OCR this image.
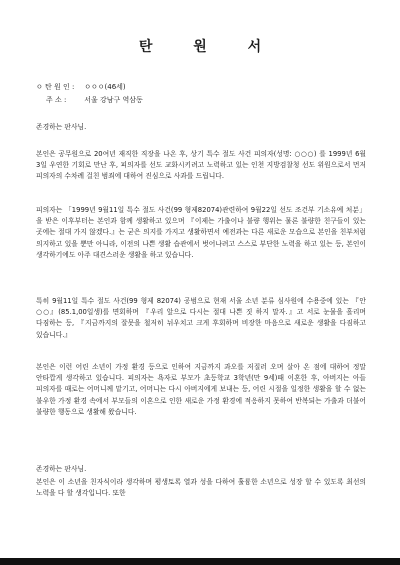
탄 원 서
ㅇ 탄 원 인 : ㅇㅇㅇ(46세)
주 소 :	서울 강남구 역삼동
존경하는 판사님.
본인은 공무원으로 20여년 재직한 직장을 나온 후, 상기 특수 절도 사건 피의자(성명: ○○○) 를 1999년 6월 3일 우연한 기회로 만난 후, 피의자를 선도 교화시키려고 노력하고 있는 인천 지방검찰청 선도 위원으로서 먼저 피의자의 수차례 걸친 범죄에 대하여 진심으로 사과를 드립니다.
피의자는 「1999년 9월11일 특수 절도 사건(99 형제82074)관련하여 9월22일 선도 조건부 기소유예 처분」을 받은 이후부터는 본인과 함께 생활하고 있으며 『이제는 가출이나 불량 행위는 물론 불량한 친구들이 있는 곳에는 절대 가지 않겠다.』는 굳은 의지를 가지고 생활하면서 예전과는 다른 새로운 모습으로 본인을 친부처럼 의지하고 있을 뿐만 아니라, 이전의 나쁜 생활 습관에서 벗어나려고 스스로 부단한 노력을 하고 있는 등, 본인이 생각하기에도 아주 대견스러운 생활을 하고 있습니다.
특히 9월11일 특수 절도 사건(99 형제 82074) 공범으로 현재 서울 소년 분류 심사원에 수용중에 있는 『안 ○○』(85.1,00일생)를 면회하며 『우리 앞으로 다시는 절대 나쁜 짓 하지 말자.』고 서로 눈물을 흘리며 다짐하는 등, 『지금까지의 잘못을 철저히 뉘우치고 크게 후회하며 비장한 마음으로 새로운 생활을 다짐하고 있습니다.』
본인은 이런 어린 소년이 가정 환경 등으로 인하여 지금까지 과오를 저질러 오며 살아 온 점에 대하여 정말 안타깝게 생각하고 있습니다. 피의자는 욕자로 부모가 초등학교 3학년(만 9세)때 이혼한 후, 아버지는 아들 피의자를 때로는 어머니께 맡기고, 어머니는 다시 아버지에게 보내는 등, 어린 시절을 일정한 생활을 할 수 없는 불우한 가정 환경 속에서 부모들의 이혼으로 인한 새로운 가정 환경에 적응하지 못하여 반복되는 가출과 더불어 불량한 행동으로 생활해 왔습니다.
존경하는 판사님.
본인은 이 소년을 친자식이라 생각하며 평생토록 열과 성을 다하여 훌륭한 소년으로 성장 할 수 있도록 최선의 노력을 다 할 생각입니다. 또한
